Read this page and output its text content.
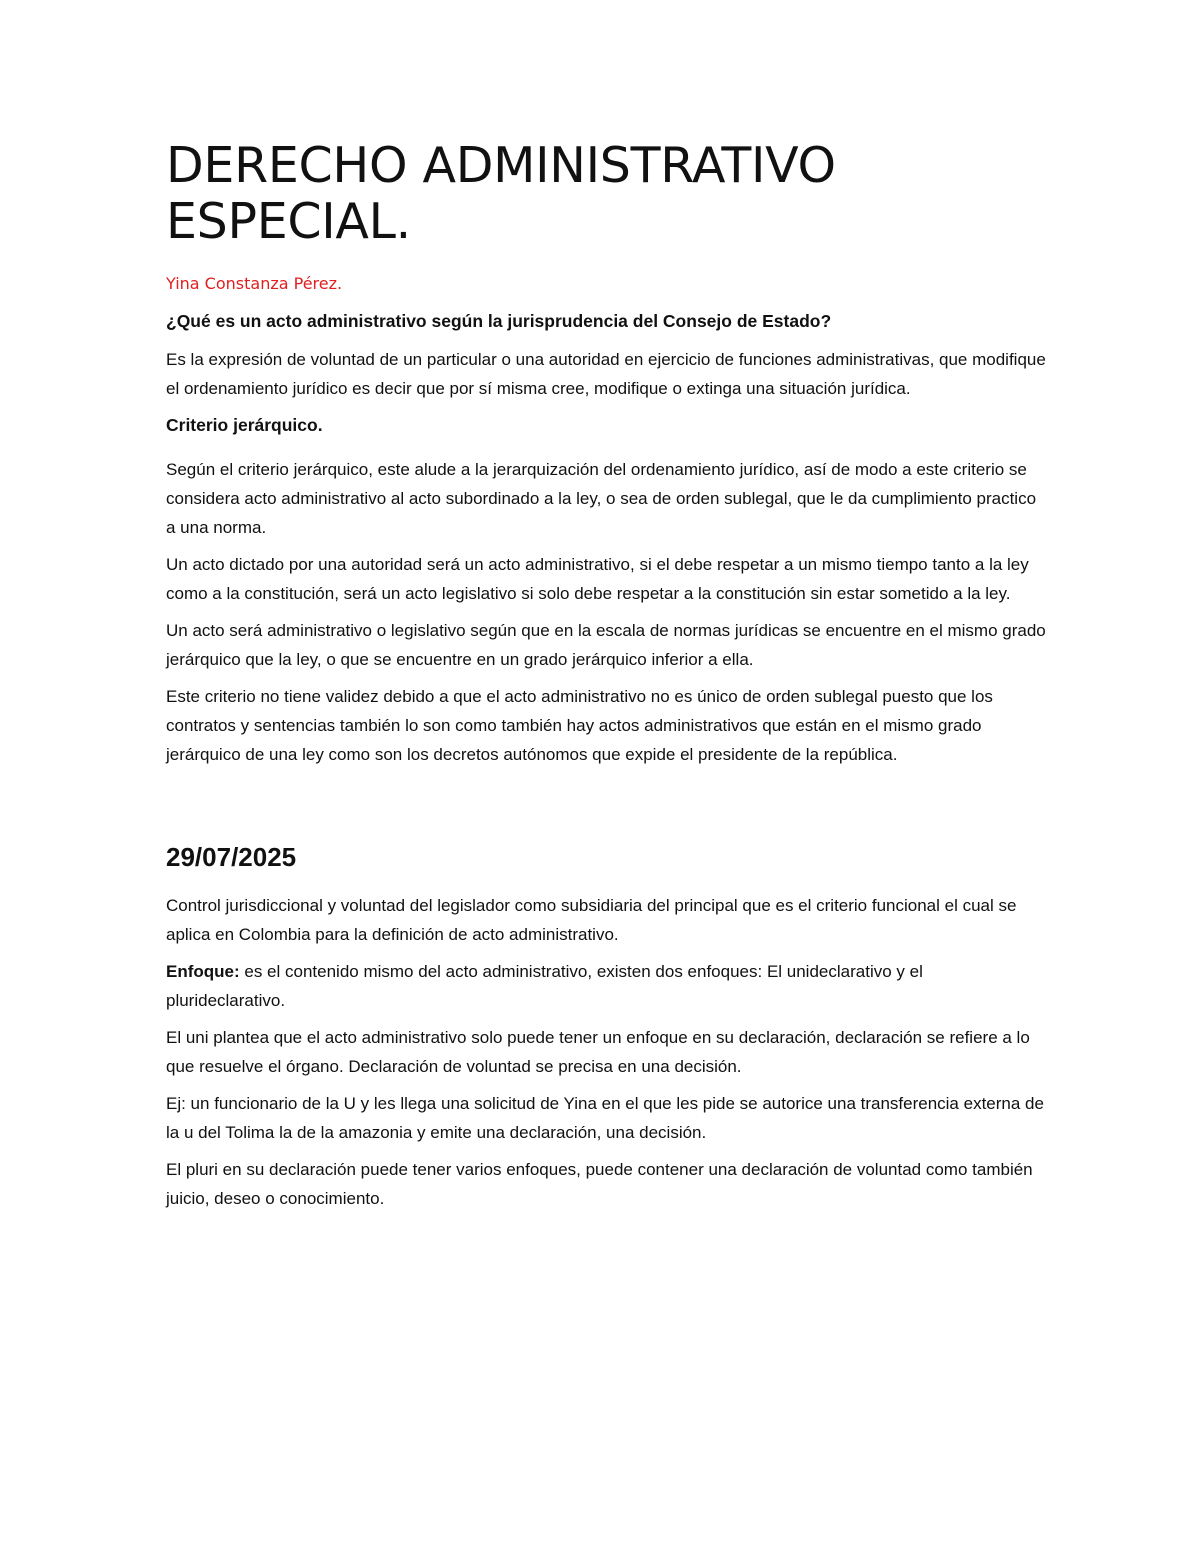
DERECHO ADMINISTRATIVO
ESPECIAL.

Yina Constanza Pérez.

¿Qué es un acto administrativo según la jurisprudencia del Consejo de Estado?

Es la expresión de voluntad de un particular o una autoridad en ejercicio de funciones administrativas, que modifique el ordenamiento jurídico es decir que por sí misma cree, modifique o extinga una situación jurídica.

Criterio jerárquico.

Según el criterio jerárquico, este alude a la jerarquización del ordenamiento jurídico, así de modo a este criterio se considera acto administrativo al acto subordinado a la ley, o sea de orden sublegal, que le da cumplimiento practico a una norma.

Un acto dictado por una autoridad será un acto administrativo, si el debe respetar a un mismo tiempo tanto a la ley como a la constitución, será un acto legislativo si solo debe respetar a la constitución sin estar sometido a la ley.

Un acto será administrativo o legislativo según que en la escala de normas jurídicas se encuentre en el mismo grado jerárquico que la ley, o que se encuentre en un grado jerárquico inferior a ella.

Este criterio no tiene validez debido a que el acto administrativo no es único de orden sublegal puesto que los contratos y sentencias también lo son como también hay actos administrativos que están en el mismo grado jerárquico de una ley como son los decretos autónomos que expide el presidente de la república.

29/07/2025

Control jurisdiccional y voluntad del legislador como subsidiaria del principal que es el criterio funcional el cual se aplica en Colombia para la definición de acto administrativo.

Enfoque: es el contenido mismo del acto administrativo, existen dos enfoques: El unideclarativo y el plurideclarativo.

El uni plantea que el acto administrativo solo puede tener un enfoque en su declaración, declaración se refiere a lo que resuelve el órgano. Declaración de voluntad se precisa en una decisión.

Ej: un funcionario de la U y les llega una solicitud de Yina en el que les pide se autorice una transferencia externa de la u del Tolima la de la amazonia y emite una declaración, una decisión.

El pluri en su declaración puede tener varios enfoques, puede contener una declaración de voluntad como también juicio, deseo o conocimiento.
